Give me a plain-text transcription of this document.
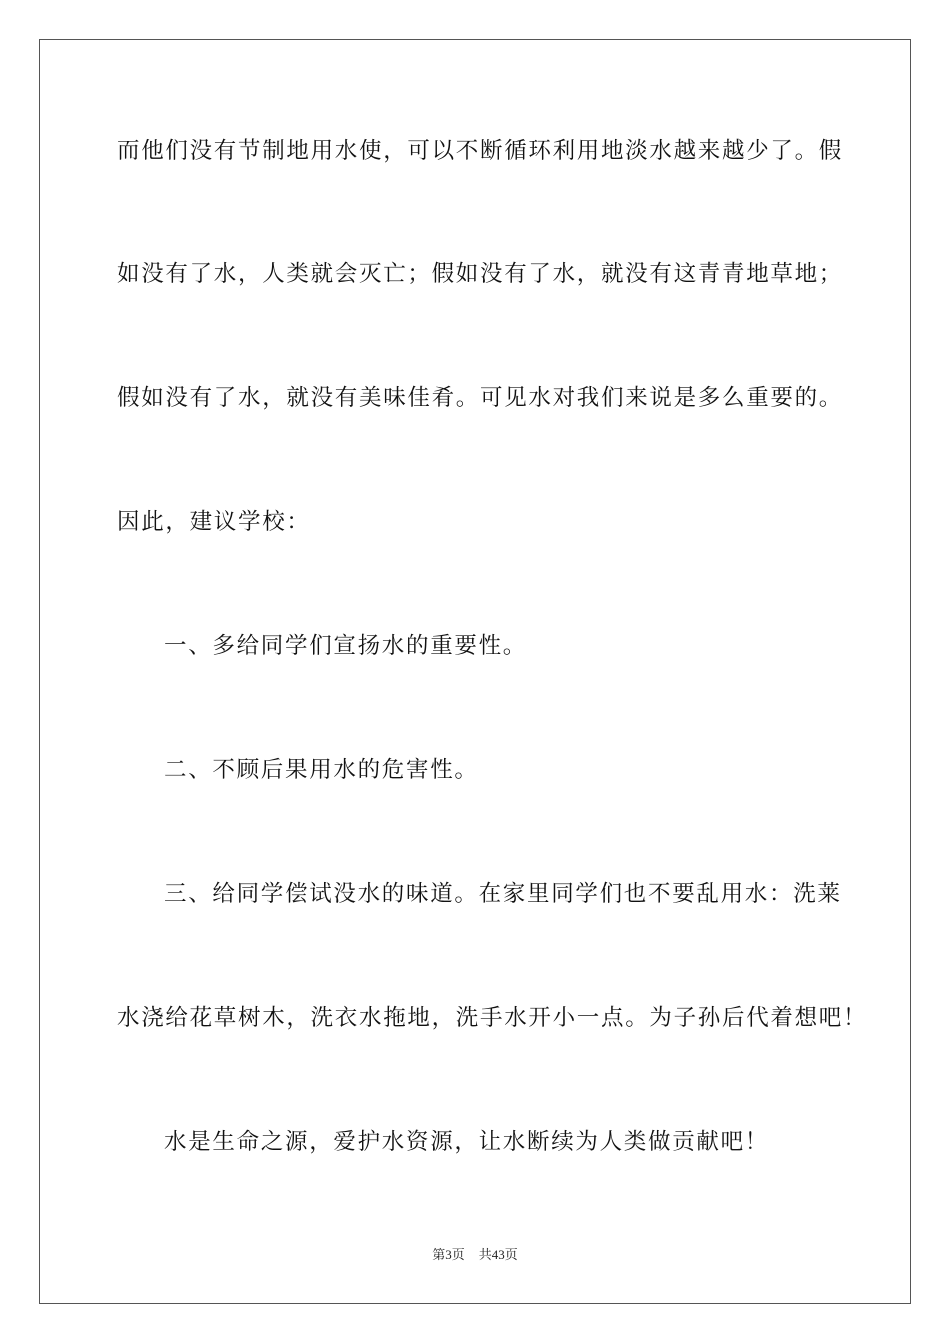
而他们没有节制地用水使，可以不断循环利用地淡水越来越少了。假
如没有了水，人类就会灭亡；假如没有了水，就没有这青青地草地；
假如没有了水，就没有美味佳肴。可见水对我们来说是多么重要的。
因此，建议学校：
一、多给同学们宣扬水的重要性。
二、不顾后果用水的危害性。
三、给同学偿试没水的味道。在家里同学们也不要乱用水：洗莱
水浇给花草树木，洗衣水拖地，洗手水开小一点。为子孙后代着想吧！
水是生命之源，爱护水资源，让水断续为人类做贡献吧！
第3页 共43页
